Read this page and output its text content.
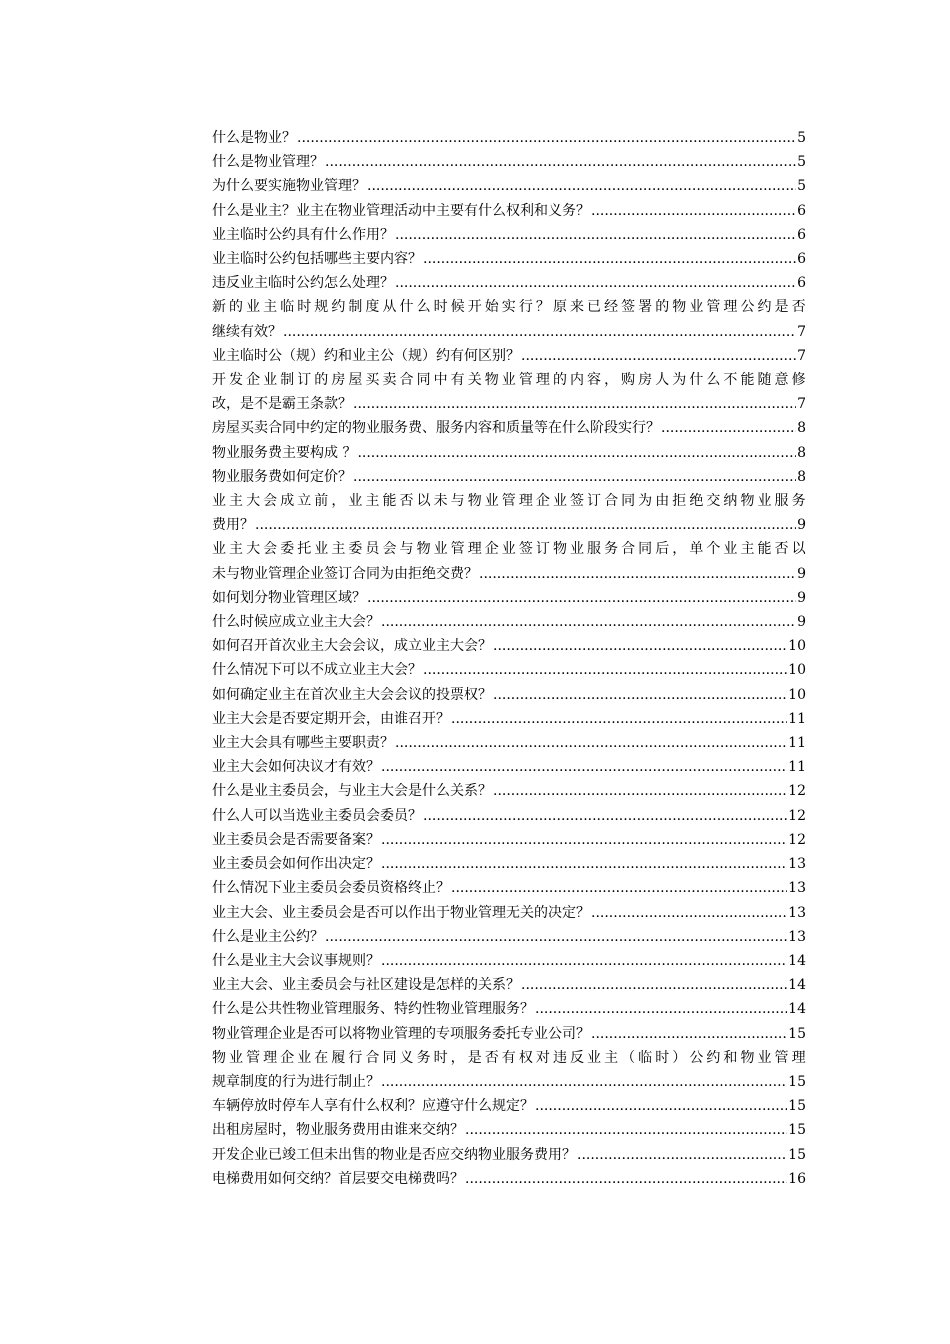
什么是物业？ .....	5
什么是物业管理？ .....	5
为什么要实施物业管理？ .....	5
什么是业主？业主在物业管理活动中主要有什么权利和义务？ .....	6
业主临时公约具有什么作用？ .....	6
业主临时公约包括哪些主要内容？ .....	6
违反业主临时公约怎么处理？ .....	6
新的业主临时规约制度从什么时候开始实行？原来已经签署的物业管理公约是否
继续有效？ .....	7
业主临时公（规）约和业主公（规）约有何区别？ .....	7
开发企业制订的房屋买卖合同中有关物业管理的内容，购房人为什么不能随意修
改，是不是霸王条款？ .....	7
房屋买卖合同中约定的物业服务费、服务内容和质量等在什么阶段实行？ .....	8
物业服务费主要构成 ？ .....	8
物业服务费如何定价？ .....	8
业主大会成立前，业主能否以未与物业管理企业签订合同为由拒绝交纳物业服务
费用？ .....	9
业主大会委托业主委员会与物业管理企业签订物业服务合同后，单个业主能否以
未与物业管理企业签订合同为由拒绝交费？ .....	9
如何划分物业管理区域？ .....	9
什么时候应成立业主大会？ .....	9
如何召开首次业主大会会议，成立业主大会？ .....	10
什么情况下可以不成立业主大会？ .....	10
如何确定业主在首次业主大会会议的投票权？ .....	10
业主大会是否要定期开会，由谁召开？ .....	11
业主大会具有哪些主要职责？ .....	11
业主大会如何决议才有效？ .....	11
什么是业主委员会，与业主大会是什么关系？ .....	12
什么人可以当选业主委员会委员？ .....	12
业主委员会是否需要备案？ .....	12
业主委员会如何作出决定？ .....	13
什么情况下业主委员会委员资格终止？ .....	13
业主大会、业主委员会是否可以作出于物业管理无关的决定？ .....	13
什么是业主公约？ .....	13
什么是业主大会议事规则？ .....	14
业主大会、业主委员会与社区建设是怎样的关系？ .....	14
什么是公共性物业管理服务、特约性物业管理服务？ .....	14
物业管理企业是否可以将物业管理的专项服务委托专业公司？ .....	15
物业管理企业在履行合同义务时，是否有权对违反业主（临时）公约和物业管理
规章制度的行为进行制止？ .....	15
车辆停放时停车人享有什么权利？应遵守什么规定？ .....	15
出租房屋时，物业服务费用由谁来交纳？ .....	15
开发企业已竣工但未出售的物业是否应交纳物业服务费用？ .....	15
电梯费用如何交纳？首层要交电梯费吗？ .....	16
